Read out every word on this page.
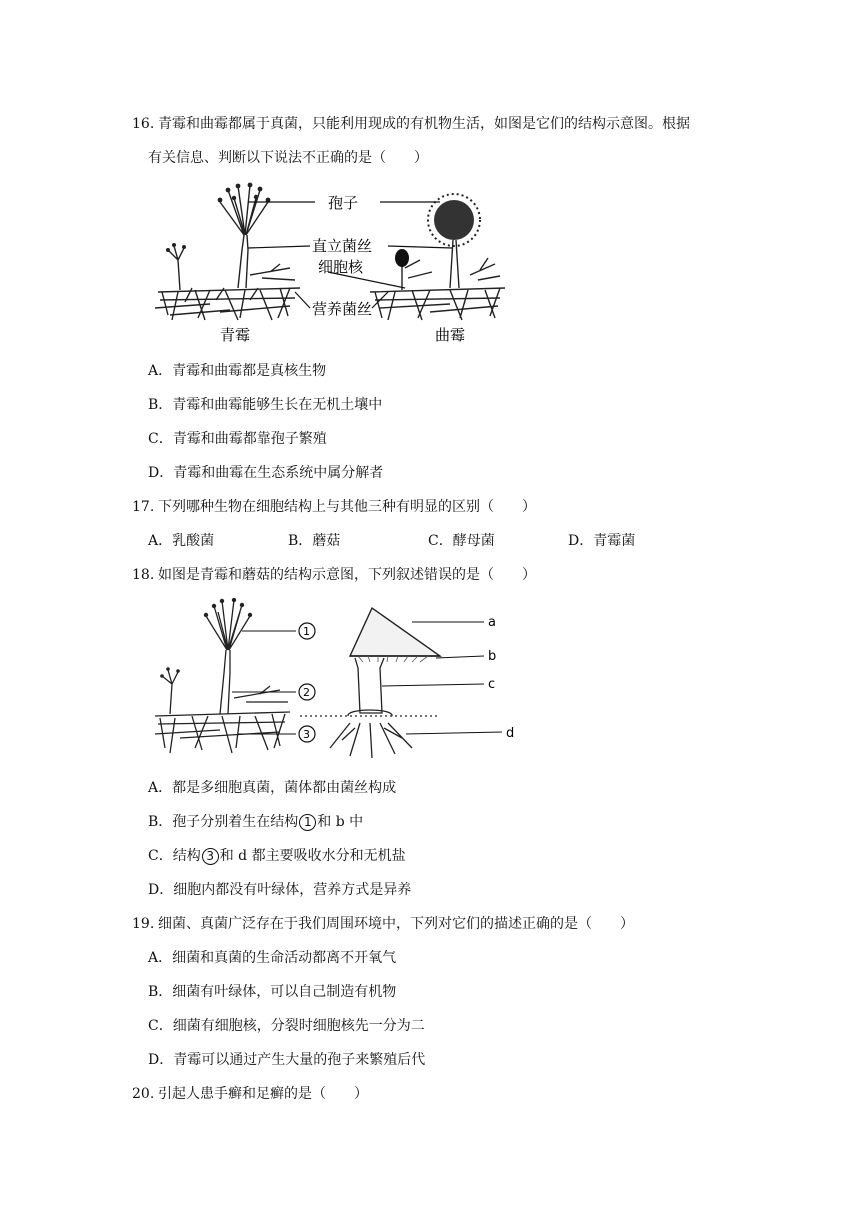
16. 青霉和曲霉都属于真菌，只能利用现成的有机物生活，如图是它们的结构示意图。根据
有关信息、判断以下说法不正确的是（　　）
孢子
直立菌丝
细胞核
营养菌丝
青霉	曲霉
A．青霉和曲霉都是真核生物
B．青霉和曲霉能够生长在无机土壤中
C．青霉和曲霉都靠孢子繁殖
D．青霉和曲霉在生态系统中属分解者
17. 下列哪种生物在细胞结构上与其他三种有明显的区别（　　）
A．乳酸菌	B．蘑菇	C．酵母菌	D．青霉菌
18. 如图是青霉和蘑菇的结构示意图，下列叙述错误的是（　　）
1
2
3
a
b
c
d
A．都是多细胞真菌，菌体都由菌丝构成
B．孢子分别着生在结构 1 和 b 中
C．结构 3 和 d 都主要吸收水分和无机盐
D．细胞内都没有叶绿体，营养方式是异养
19. 细菌、真菌广泛存在于我们周围环境中，下列对它们的描述正确的是（　　）
A．细菌和真菌的生命活动都离不开氧气
B．细菌有叶绿体，可以自己制造有机物
C．细菌有细胞核，分裂时细胞核先一分为二
D．青霉可以通过产生大量的孢子来繁殖后代
20. 引起人患手癣和足癣的是（　　）
